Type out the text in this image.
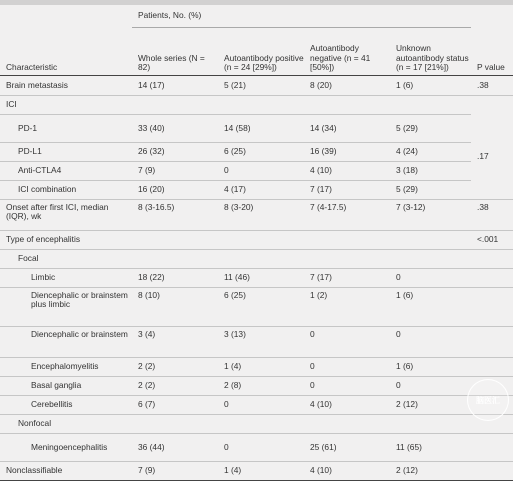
	Patients, No. (%)				
Characteristic	Whole series (N = 82)	Autoantibody positive (n = 24 [29%])	Autoantibody negative (n = 41 [50%])	Unknown autoantibody status (n = 17 [21%])	P value
Brain metastasis	14 (17)	5 (21)	8 (20)	1 (6)	.38
ICI					
PD-1	33 (40)	14 (58)	14 (34)	5 (29)	.17
PD-L1	26 (32)	6 (25)	16 (39)	4 (24)	
Anti-CTLA4	7 (9)	0	4 (10)	3 (18)	
ICI combination	16 (20)	4 (17)	7 (17)	5 (29)	
Onset after first ICI, median (IQR), wk	8 (3-16.5)	8 (3-20)	7 (4-17.5)	7 (3-12)	.38
Type of encephalitis					<.001
Focal					
Limbic	18 (22)	11 (46)	7 (17)	0	
Diencephalic or brainstem plus limbic	8 (10)	6 (25)	1 (2)	1 (6)	
Diencephalic or brainstem	3 (4)	3 (13)	0	0	
Encephalomyelitis	2 (2)	1 (4)	0	1 (6)	
Basal ganglia	2 (2)	2 (8)	0	0	
Cerebellitis	6 (7)	0	4 (10)	2 (12)	
Nonfocal					
Meningoencephalitis	36 (44)	0	25 (61)	11 (65)	
Nonclassifiable	7 (9)	1 (4)	4 (10)	2 (12)	
脑医汇
